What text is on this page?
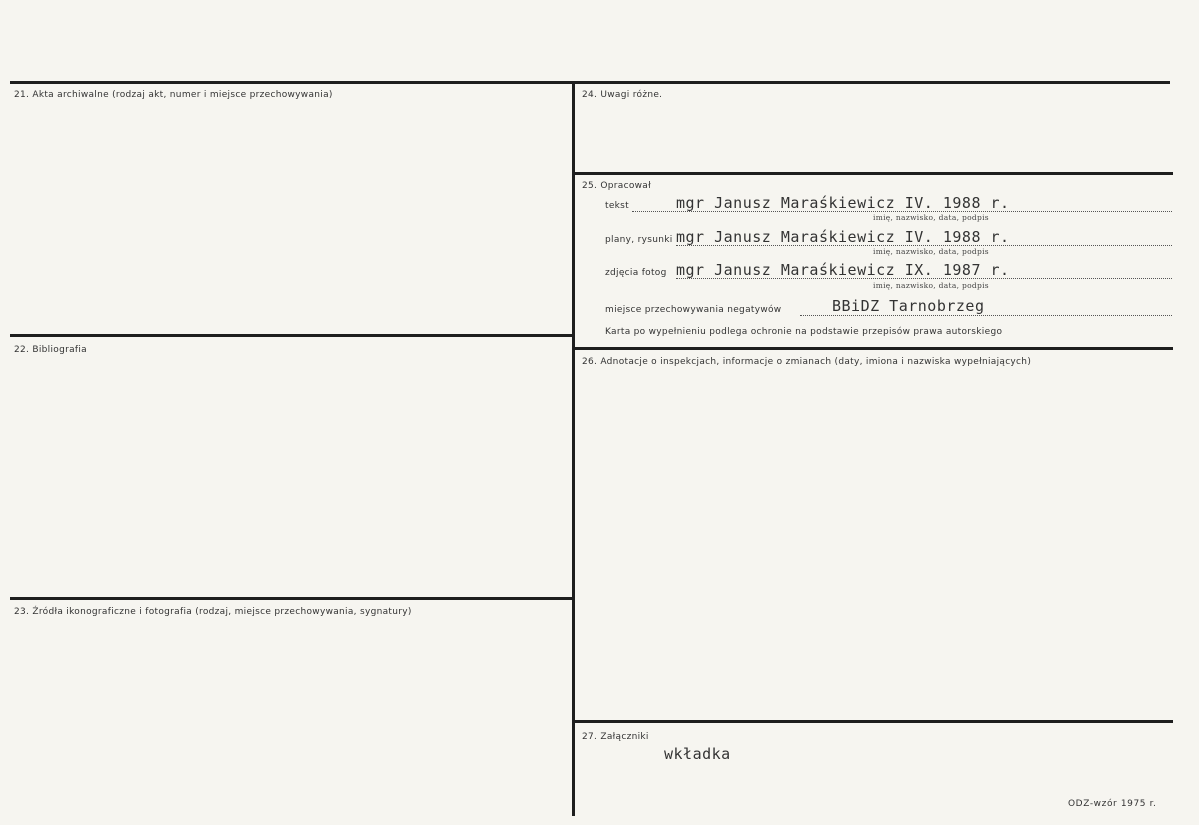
21. Akta archiwalne (rodzaj akt, numer i miejsce przechowywania)
22. Bibliografia
23. Źródła ikonograficzne i fotografia (rodzaj, miejsce przechowywania, sygnatury)
24. Uwagi różne.
25. Opracował
tekst	mgr Janusz Maraśkiewicz IV. 1988 r.
imię, nazwisko, data, podpis
plany, rysunki mgr Janusz Maraśkiewicz IV. 1988 r.
imię, nazwisko, data, podpis
zdjęcia fotog mgr Janusz Maraśkiewicz IX. 1987 r.
imię, nazwisko, data, podpis
miejsce przechowywania negatywów	BBiDZ Tarnobrzeg
Karta po wypełnieniu podlega ochronie na podstawie przepisów prawa autorskiego
26. Adnotacje o inspekcjach, informacje o zmianach (daty, imiona i nazwiska wypełniających)
27. Załączniki
wkładka
ODZ-wzór 1975 r.
